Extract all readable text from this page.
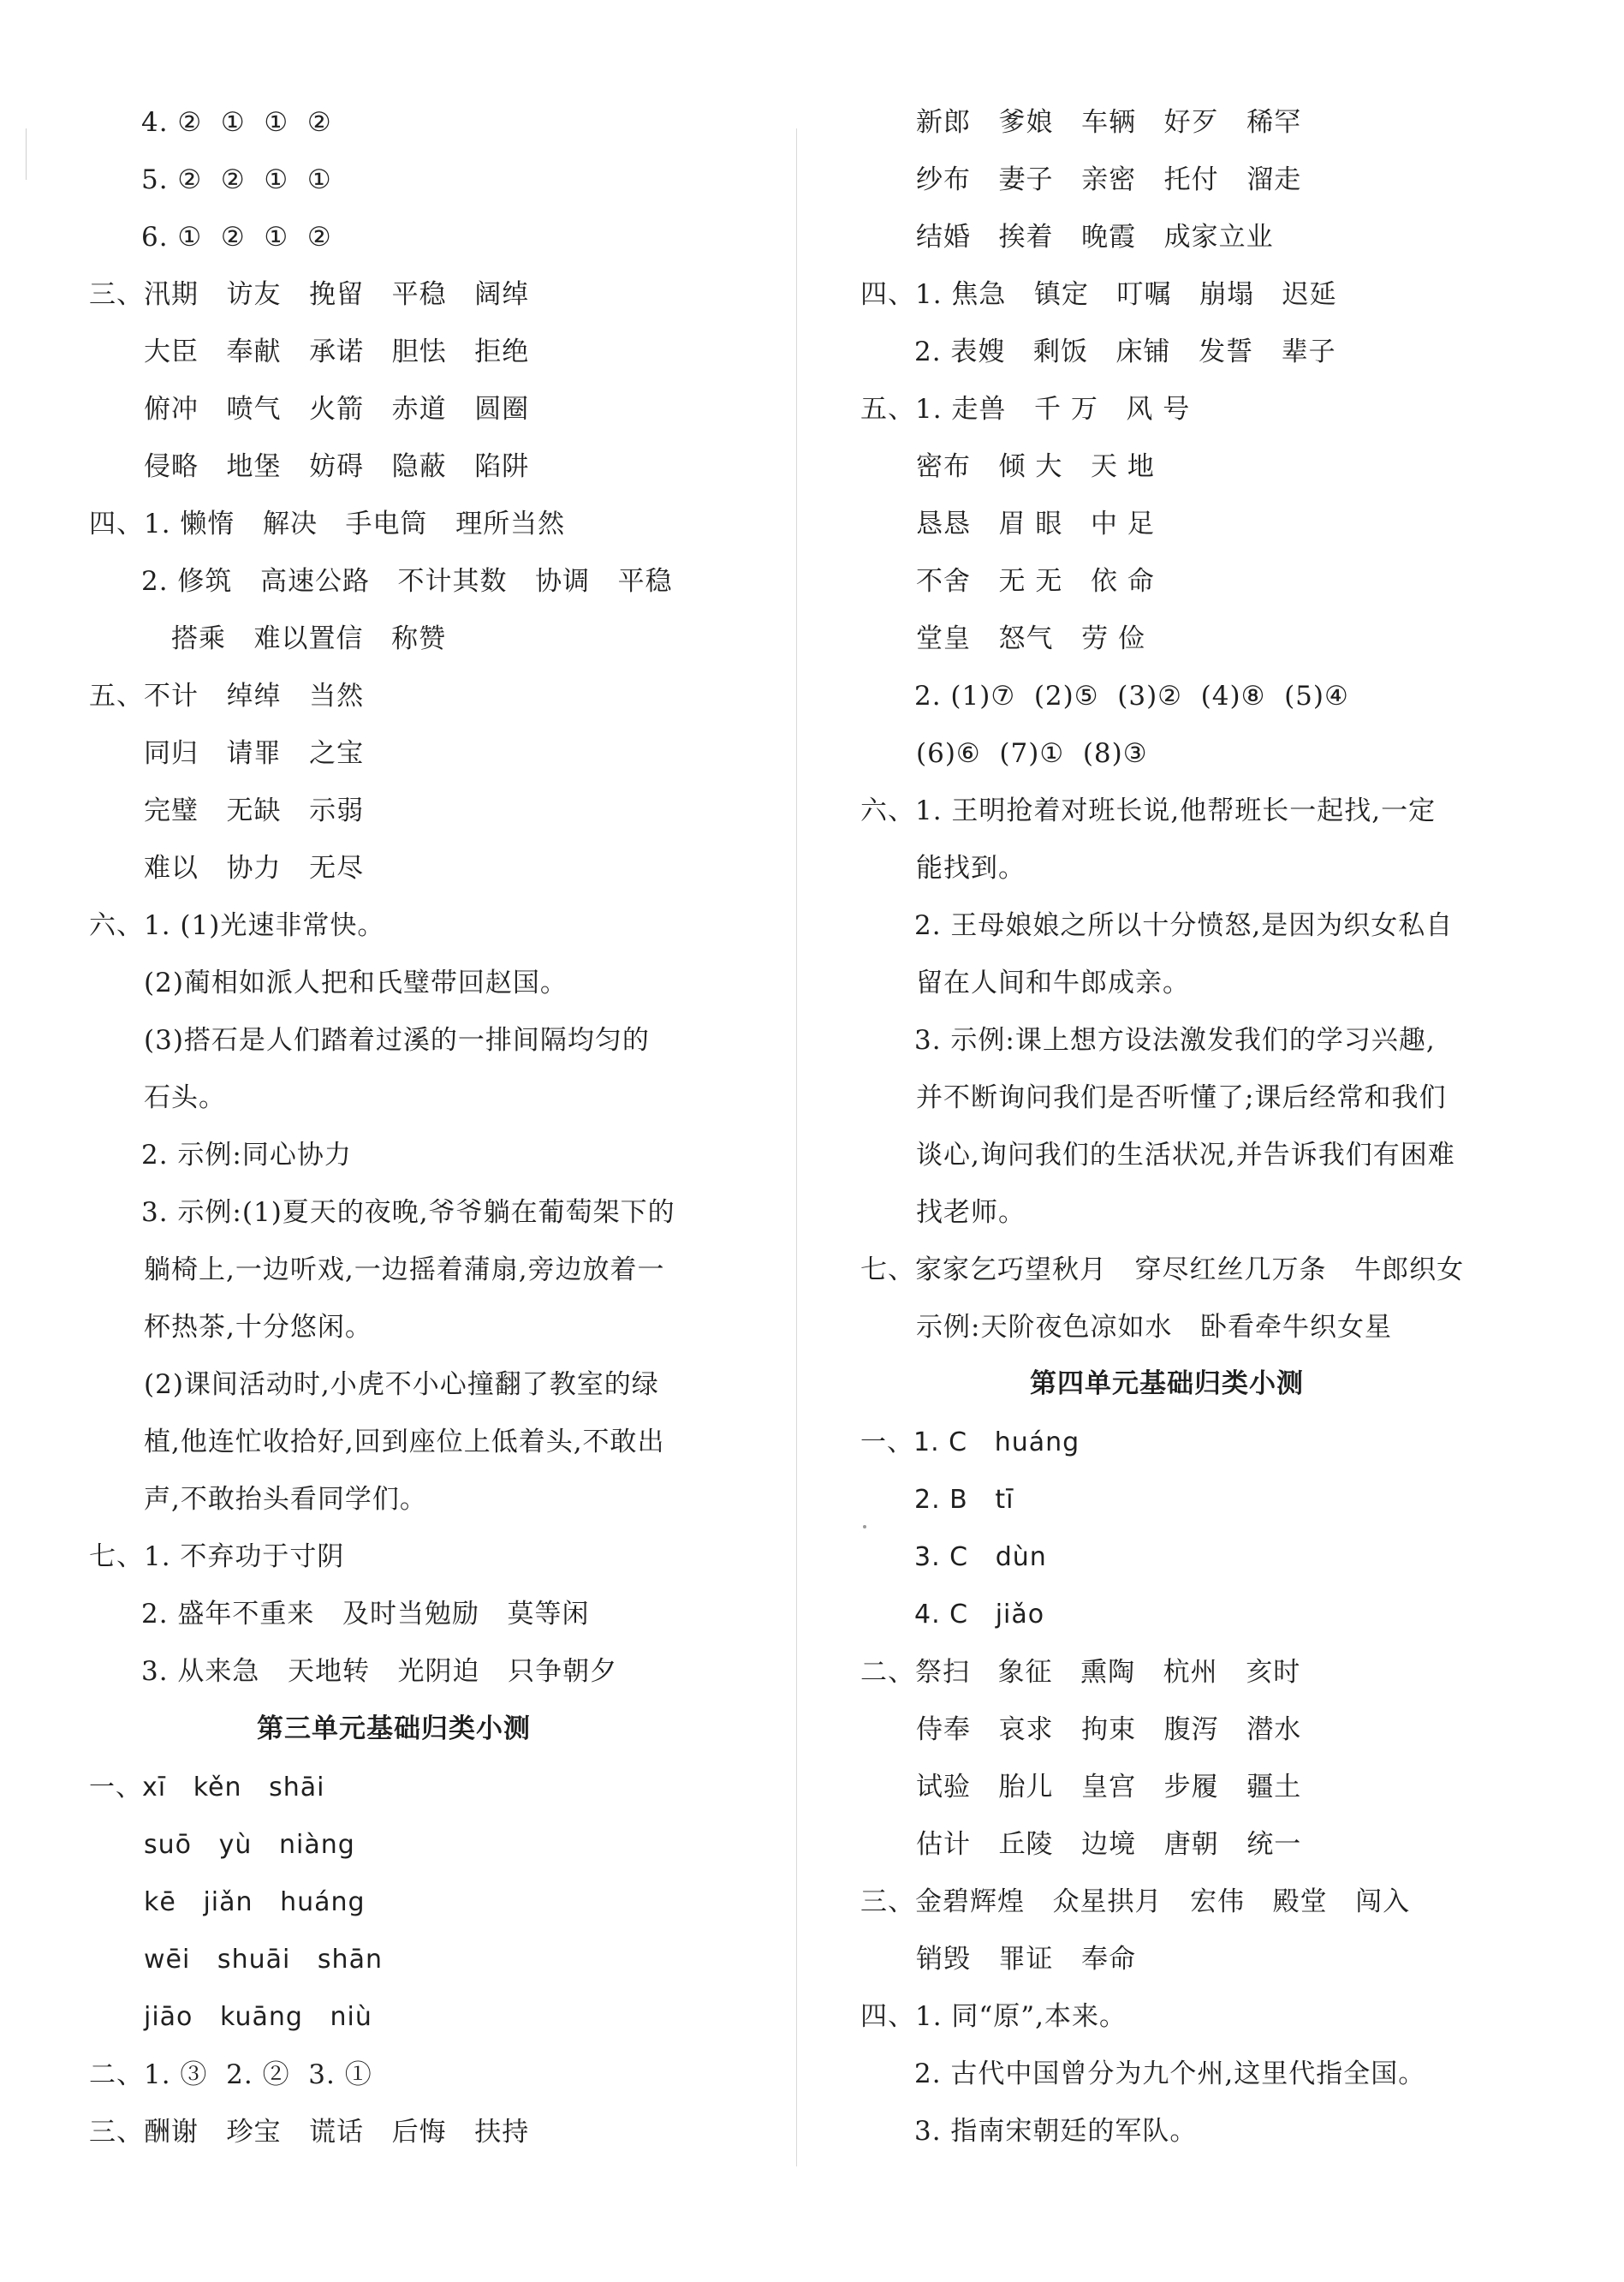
4. ②  ①  ①  ②
5. ②  ②  ①  ①
6. ①  ②  ①  ②
三、汛期   访友   挽留   平稳   阔绰
大臣   奉献   承诺   胆怯   拒绝
俯冲   喷气   火箭   赤道   圆圈
侵略   地堡   妨碍   隐蔽   陷阱
四、1. 懒惰   解决   手电筒   理所当然
2. 修筑   高速公路   不计其数   协调   平稳
搭乘   难以置信   称赞
五、不计   绰绰   当然
同归   请罪   之宝
完璧   无缺   示弱
难以   协力   无尽
六、1. (1)光速非常快。
(2)蔺相如派人把和氏璧带回赵国。
(3)搭石是人们踏着过溪的一排间隔均匀的
石头。
2. 示例:同心协力
3. 示例:(1)夏天的夜晚,爷爷躺在葡萄架下的
躺椅上,一边听戏,一边摇着蒲扇,旁边放着一
杯热茶,十分悠闲。
(2)课间活动时,小虎不小心撞翻了教室的绿
植,他连忙收拾好,回到座位上低着头,不敢出
声,不敢抬头看同学们。
七、1. 不弃功于寸阴
2. 盛年不重来   及时当勉励   莫等闲
3. 从来急   天地转   光阴迫   只争朝夕
一、xī   kěn   shāi
suō   yù   niàng
kē   jiǎn   huáng
wēi   shuāi   shān
jiāo   kuāng   niù
二、1. ③  2. ②  3. ①
三、酬谢   珍宝   谎话   后悔   扶持
新郎   爹娘   车辆   好歹   稀罕
纱布   妻子   亲密   托付   溜走
结婚   挨着   晚霞   成家立业
四、1. 焦急   镇定   叮嘱   崩塌   迟延
2. 表嫂   剩饭   床铺   发誓   辈子
五、1. 走兽   千 万   风 号
密布   倾 大   天 地
恳恳   眉 眼   中 足
不舍   无 无   依 命
堂皇   怒气   劳 俭
2. (1)⑦  (2)⑤  (3)②  (4)⑧  (5)④
(6)⑥  (7)①  (8)③
六、1. 王明抢着对班长说,他帮班长一起找,一定
能找到。
2. 王母娘娘之所以十分愤怒,是因为织女私自
留在人间和牛郎成亲。
3. 示例:课上想方设法激发我们的学习兴趣,
并不断询问我们是否听懂了;课后经常和我们
谈心,询问我们的生活状况,并告诉我们有困难
找老师。
七、家家乞巧望秋月   穿尽红丝几万条   牛郎织女
示例:天阶夜色凉如水   卧看牵牛织女星
一、1. C   huáng
2. B   tī
3. C   dùn
4. C   jiǎo
二、祭扫   象征   熏陶   杭州   亥时
侍奉   哀求   拘束   腹泻   潜水
试验   胎儿   皇宫   步履   疆土
估计   丘陵   边境   唐朝   统一
三、金碧辉煌   众星拱月   宏伟   殿堂   闯入
销毁   罪证   奉命
四、1. 同“原”,本来。
2. 古代中国曾分为九个州,这里代指全国。
3. 指南宋朝廷的军队。
第三单元基础归类小测
第四单元基础归类小测
